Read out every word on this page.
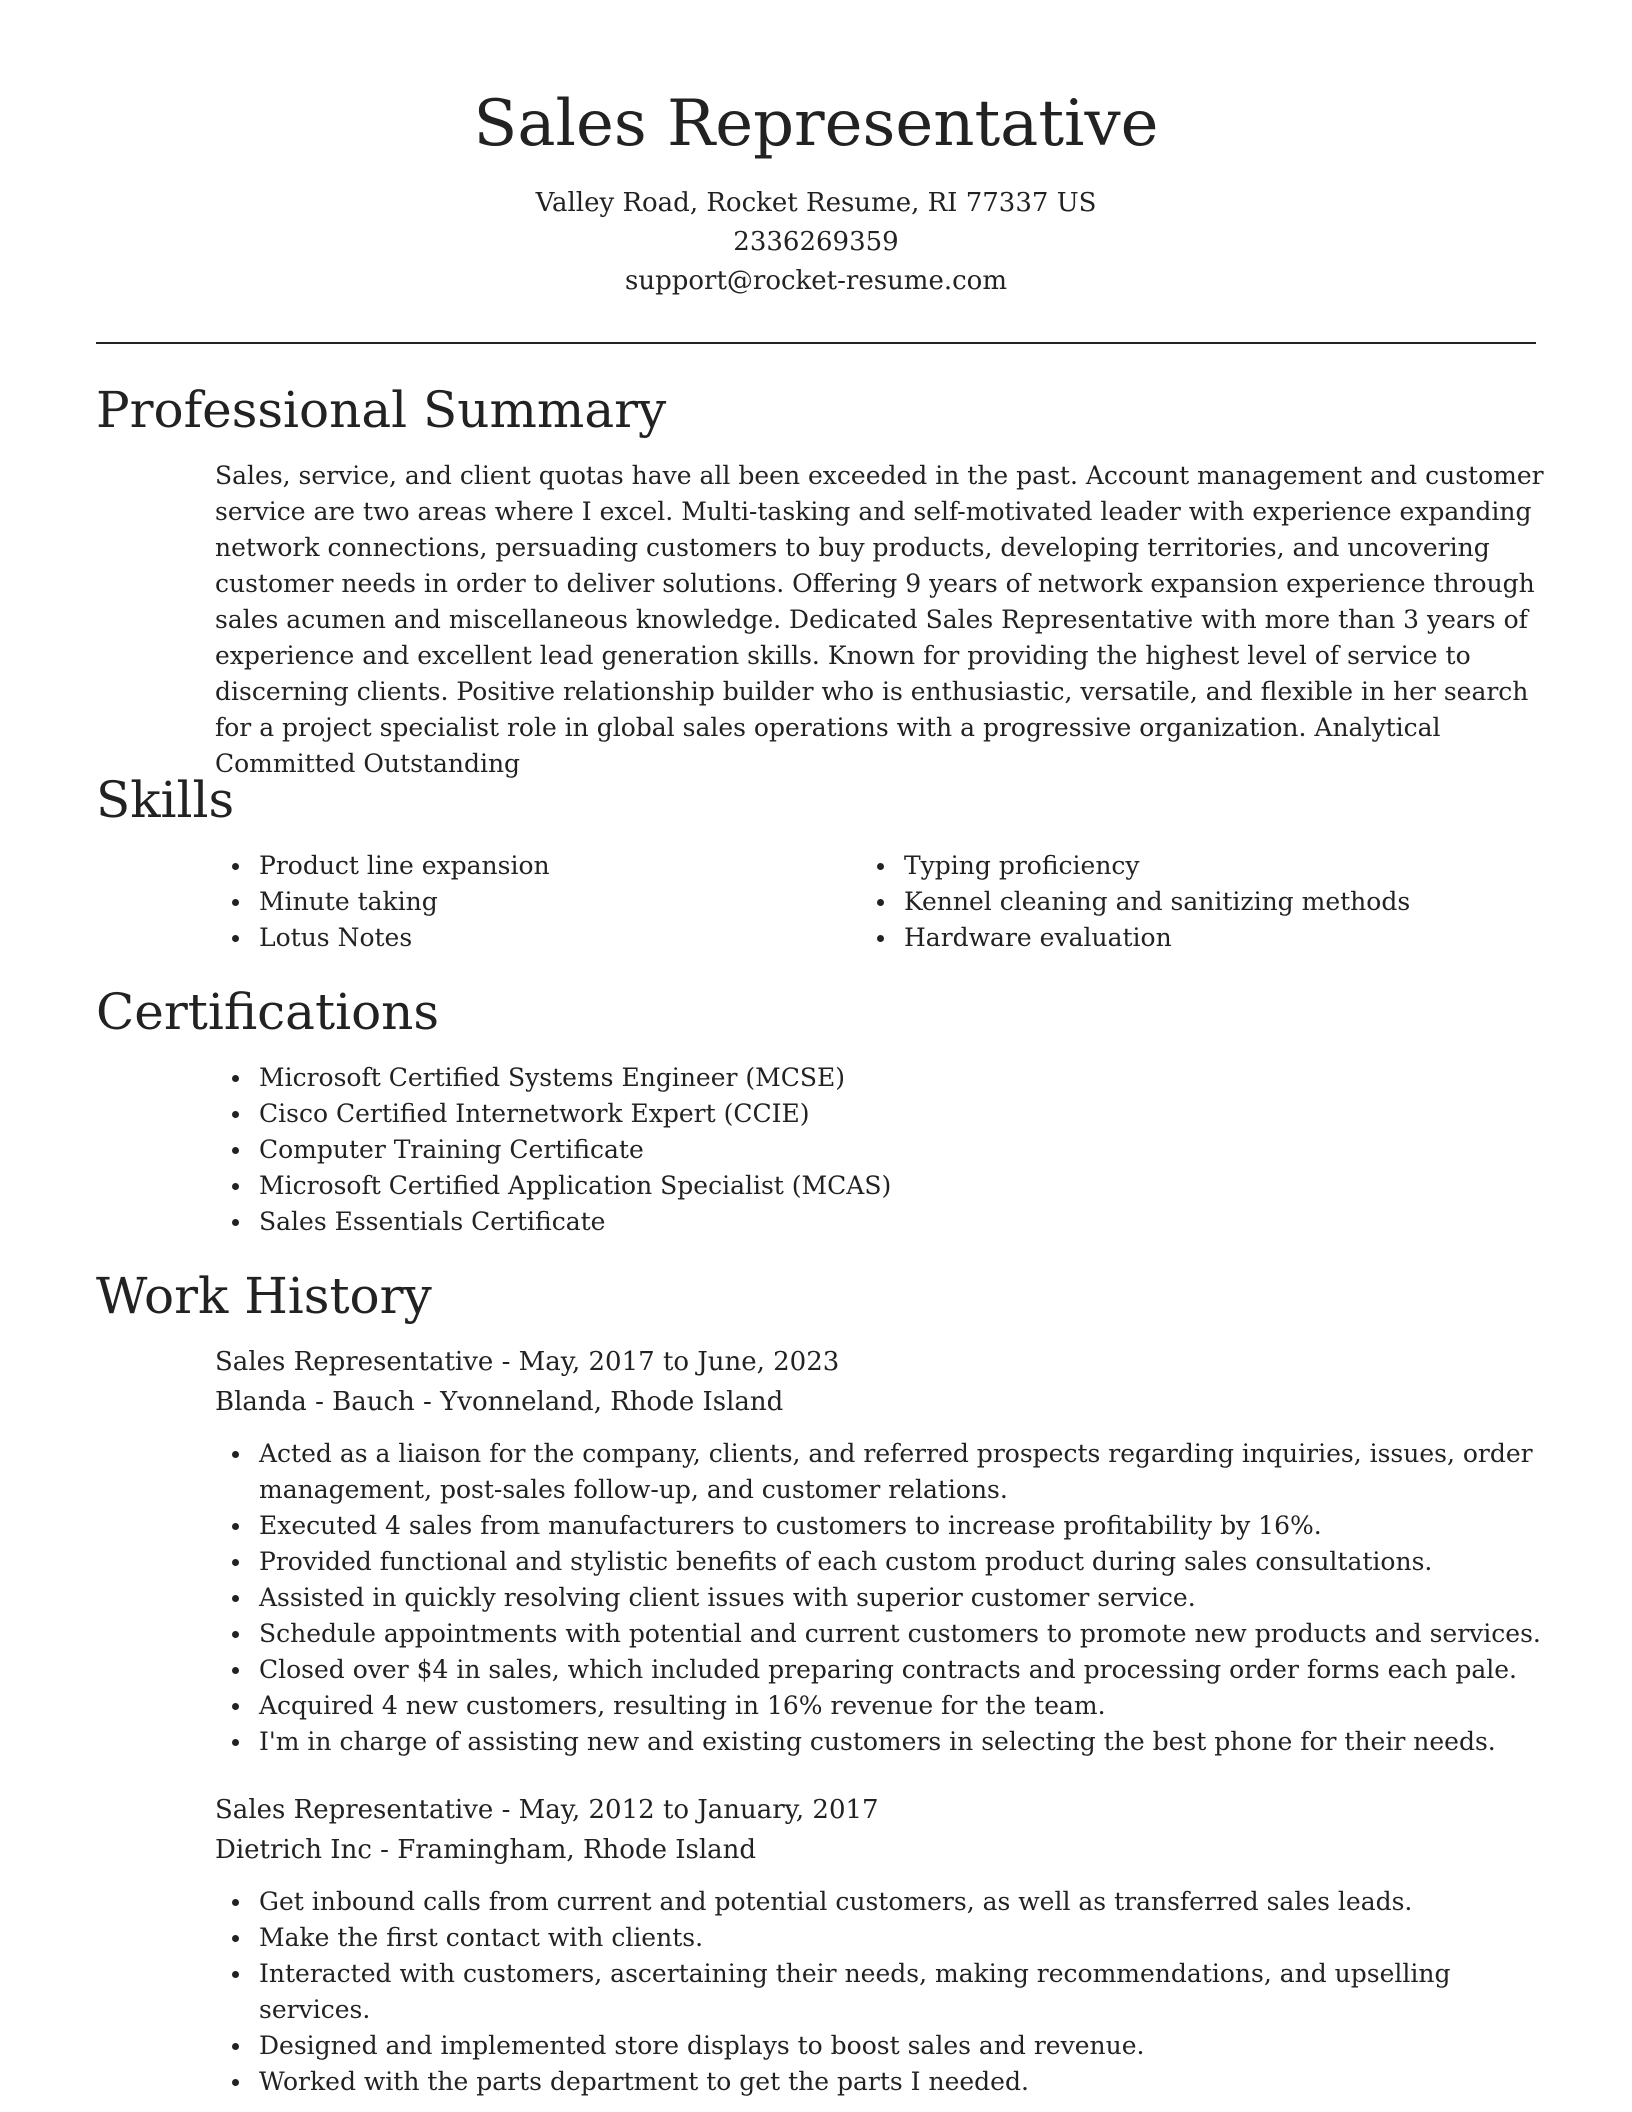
Sales Representative
Valley Road, Rocket Resume, RI 77337 US
2336269359
support@rocket-resume.com
Professional Summary

Sales, service, and client quotas have all been exceeded in the past. Account management and customer service are two areas where I excel. Multi-tasking and self-motivated leader with experience expanding network connections, persuading customers to buy products, developing territories, and uncovering customer needs in order to deliver solutions. Offering 9 years of network expansion experience through sales acumen and miscellaneous knowledge. Dedicated Sales Representative with more than 3 years of experience and excellent lead generation skills. Known for providing the highest level of service to discerning clients. Positive relationship builder who is enthusiastic, versatile, and flexible in her search for a project specialist role in global sales operations with a progressive organization. Analytical Committed Outstanding

Skills
Product line expansion
Minute taking
Lotus Notes
Typing proficiency
Kennel cleaning and sanitizing methods
Hardware evaluation
Certifications
Microsoft Certified Systems Engineer (MCSE)
Cisco Certified Internetwork Expert (CCIE)
Computer Training Certificate
Microsoft Certified Application Specialist (MCAS)
Sales Essentials Certificate
Work History
Sales Representative - May, 2017 to June, 2023
Blanda - Bauch - Yvonneland, Rhode Island
Acted as a liaison for the company, clients, and referred prospects regarding inquiries, issues, order management, post-sales follow-up, and customer relations.
Executed 4 sales from manufacturers to customers to increase profitability by 16%.
Provided functional and stylistic benefits of each custom product during sales consultations.
Assisted in quickly resolving client issues with superior customer service.
Schedule appointments with potential and current customers to promote new products and services.
Closed over $4 in sales, which included preparing contracts and processing order forms each pale.
Acquired 4 new customers, resulting in 16% revenue for the team.
I'm in charge of assisting new and existing customers in selecting the best phone for their needs.
Sales Representative - May, 2012 to January, 2017
Dietrich Inc - Framingham, Rhode Island
Get inbound calls from current and potential customers, as well as transferred sales leads.
Make the first contact with clients.
Interacted with customers, ascertaining their needs, making recommendations, and upselling services.
Designed and implemented store displays to boost sales and revenue.
Worked with the parts department to get the parts I needed.
